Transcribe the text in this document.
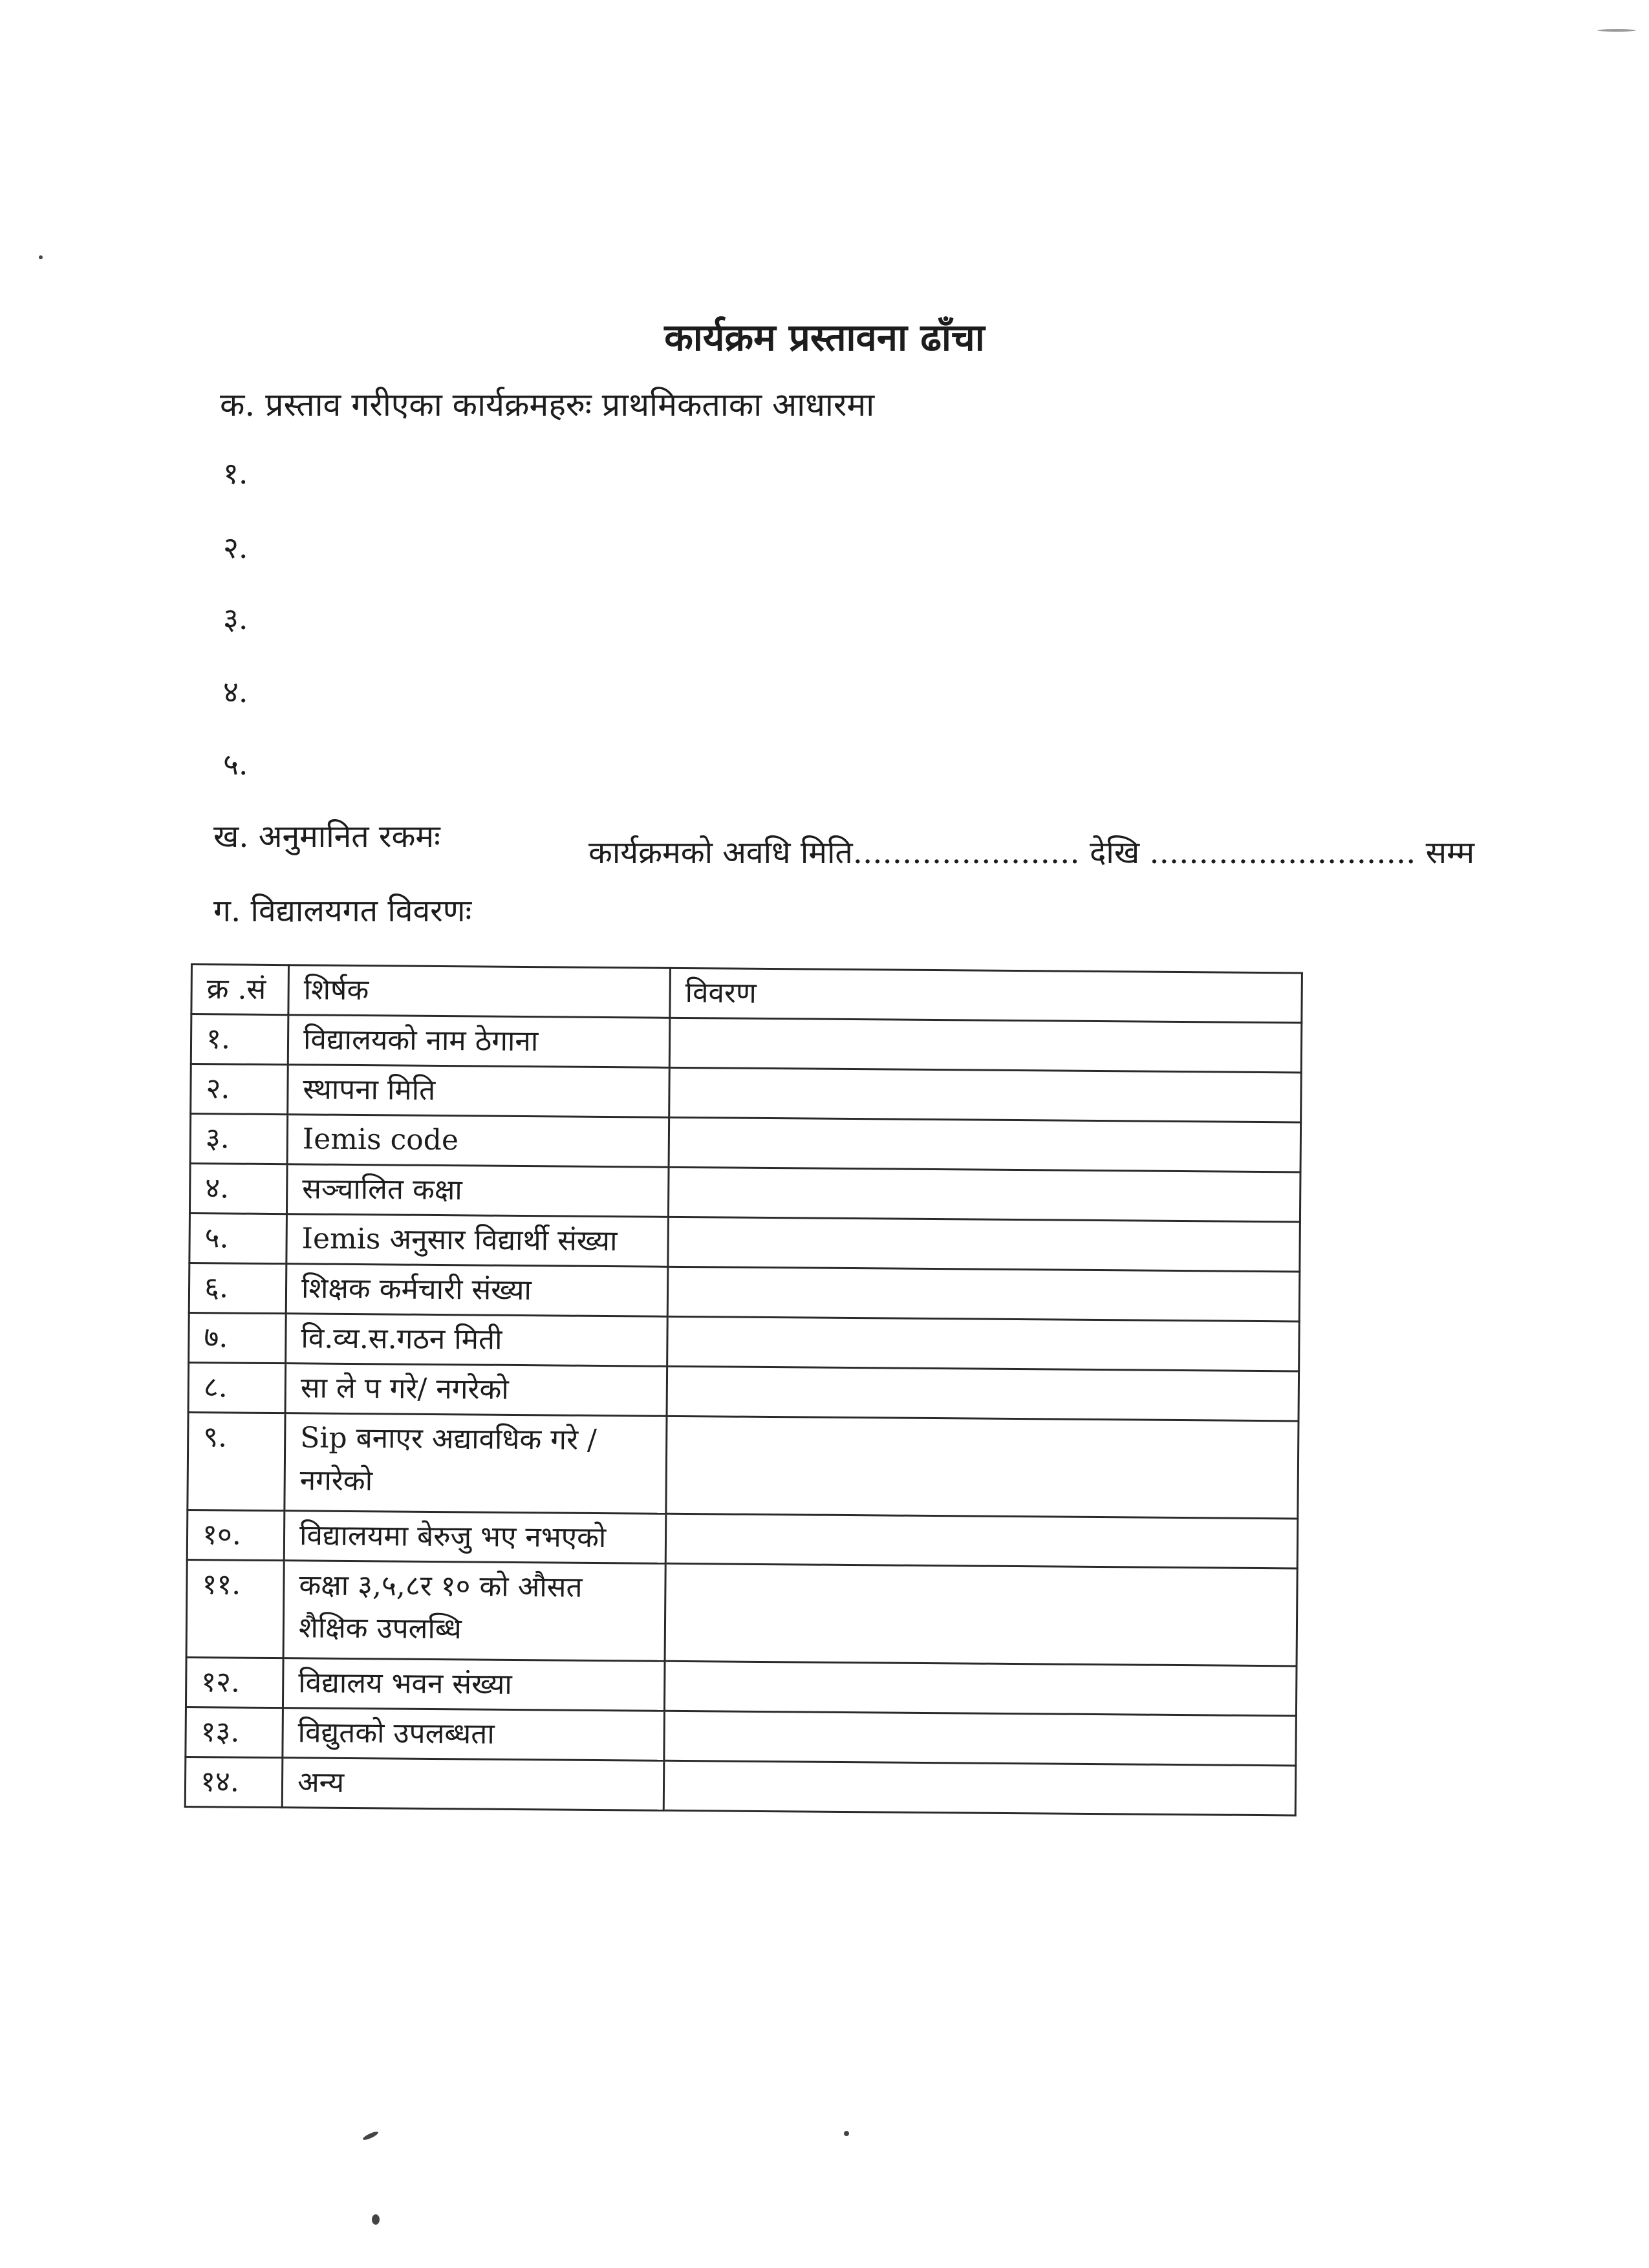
कार्यक्रम प्रस्तावना ढाँचा
क. प्रस्ताव गरीएका कार्यक्रमहरुः प्राथमिकताका आधारमा
१.
२.
३.
४.
५.
ख. अनुमानित रकमः	कार्यक्रमको अवधि मिति....................... देखि ........................... सम्म
ग. विद्यालयगत विवरणः
क्र .सं	शिर्षक	विवरण
१.	विद्यालयको नाम ठेगाना	
२.	स्थापना मिति	
३.	Iemis code	
४.	सञ्चालित कक्षा	
५.	Iemis अनुसार विद्यार्थी संख्या	
६.	शिक्षक कर्मचारी संख्या	
७.	वि.व्य.स.गठन मिती	
८.	सा ले प गरे/ नगरेको	
९.	Sip बनाएर अद्यावधिक गरे / नगरेको	
१०.	विद्यालयमा बेरुजु भए नभएको	
११.	कक्षा ३,५,८र १० को औसत शैक्षिक उपलब्धि	
१२.	विद्यालय भवन संख्या	
१३.	विद्युतको उपलब्धता	
१४.	अन्य	
